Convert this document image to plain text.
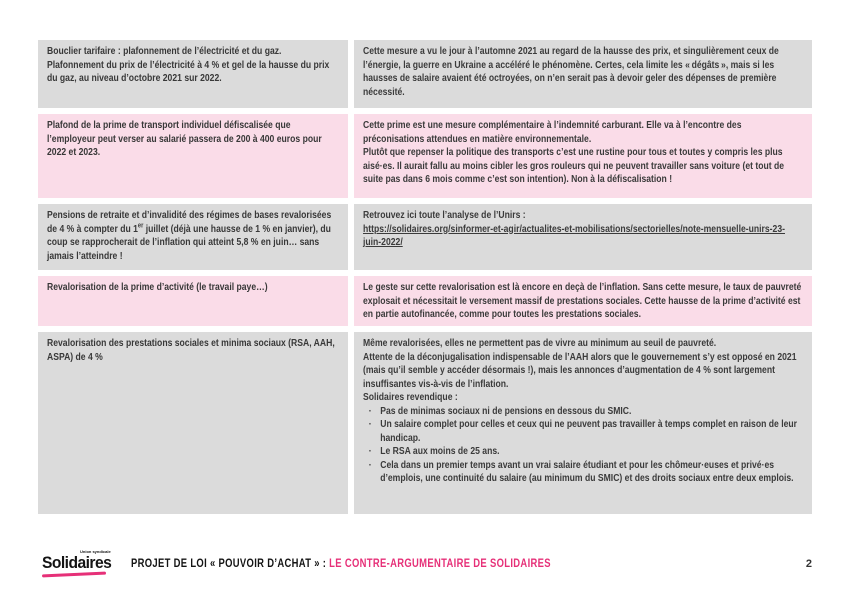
Bouclier tarifaire : plafonnement de l’électricité et du gaz. Plafonnement du prix de l’électricité à 4 % et gel de la hausse du prix du gaz, au niveau d’octobre 2021 sur 2022.
Cette mesure a vu le jour à l’automne 2021 au regard de la hausse des prix, et singulièrement ceux de l’énergie, la guerre en Ukraine a accéléré le phénomène. Certes, cela limite les « dégâts », mais si les hausses de salaire avaient été octroyées, on n’en serait pas à devoir geler des dépenses de première nécessité.
Plafond de la prime de transport individuel défiscalisée que l’employeur peut verser au salarié passera de 200 à 400 euros pour 2022 et 2023.
Cette prime est une mesure complémentaire à l’indemnité carburant. Elle va à l’encontre des préconisations attendues en matière environnementale.
Plutôt que repenser la politique des transports c’est une rustine pour tous et toutes y compris les plus aisé·es. Il aurait fallu au moins cibler les gros rouleurs qui ne peuvent travailler sans voiture (et tout de suite pas dans 6 mois comme c’est son intention). Non à la défiscalisation !
Pensions de retraite et d’invalidité des régimes de bases revalorisées de 4 % à compter du 1er juillet (déjà une hausse de 1 % en janvier), du coup se rapprocherait de l’inflation qui atteint 5,8 % en juin… sans jamais l’atteindre !
Retrouvez ici toute l’analyse de l’Unirs :
https://solidaires.org/sinformer-et-agir/actualites-et-mobilisations/sectorielles/note-mensuelle-unirs-23-juin-2022/
Revalorisation de la prime d’activité (le travail paye…)	Le geste sur cette revalorisation est là encore en deçà de l’inflation. Sans cette mesure, le taux de pauvreté explosait et nécessitait le versement massif de prestations sociales. Cette hausse de la prime d’activité est en partie autofinancée, comme pour toutes les prestations sociales.
Revalorisation des prestations sociales et minima sociaux (RSA, AAH, ASPA) de 4 %
Même revalorisées, elles ne permettent pas de vivre au minimum au seuil de pauvreté.
Attente de la déconjugalisation indispensable de l’AAH alors que le gouvernement s’y est opposé en 2021 (mais qu’il semble y accéder désormais !), mais les annonces d’augmentation de 4 % sont largement insuffisantes vis-à-vis de l’inflation.
Solidaires revendique :
· Pas de minimas sociaux ni de pensions en dessous du SMIC.
· Un salaire complet pour celles et ceux qui ne peuvent pas travailler à temps complet en raison de leur handicap.
· Le RSA aux moins de 25 ans.
· Cela dans un premier temps avant un vrai salaire étudiant et pour les chômeur·euses et privé·es d’emplois, une continuité du salaire (au minimum du SMIC) et des droits sociaux entre deux emplois.
Union syndicale
Solidaires PROJET DE LOI « POUVOIR D’ACHAT » : LE CONTRE-ARGUMENTAIRE DE SOLIDAIRES	2
